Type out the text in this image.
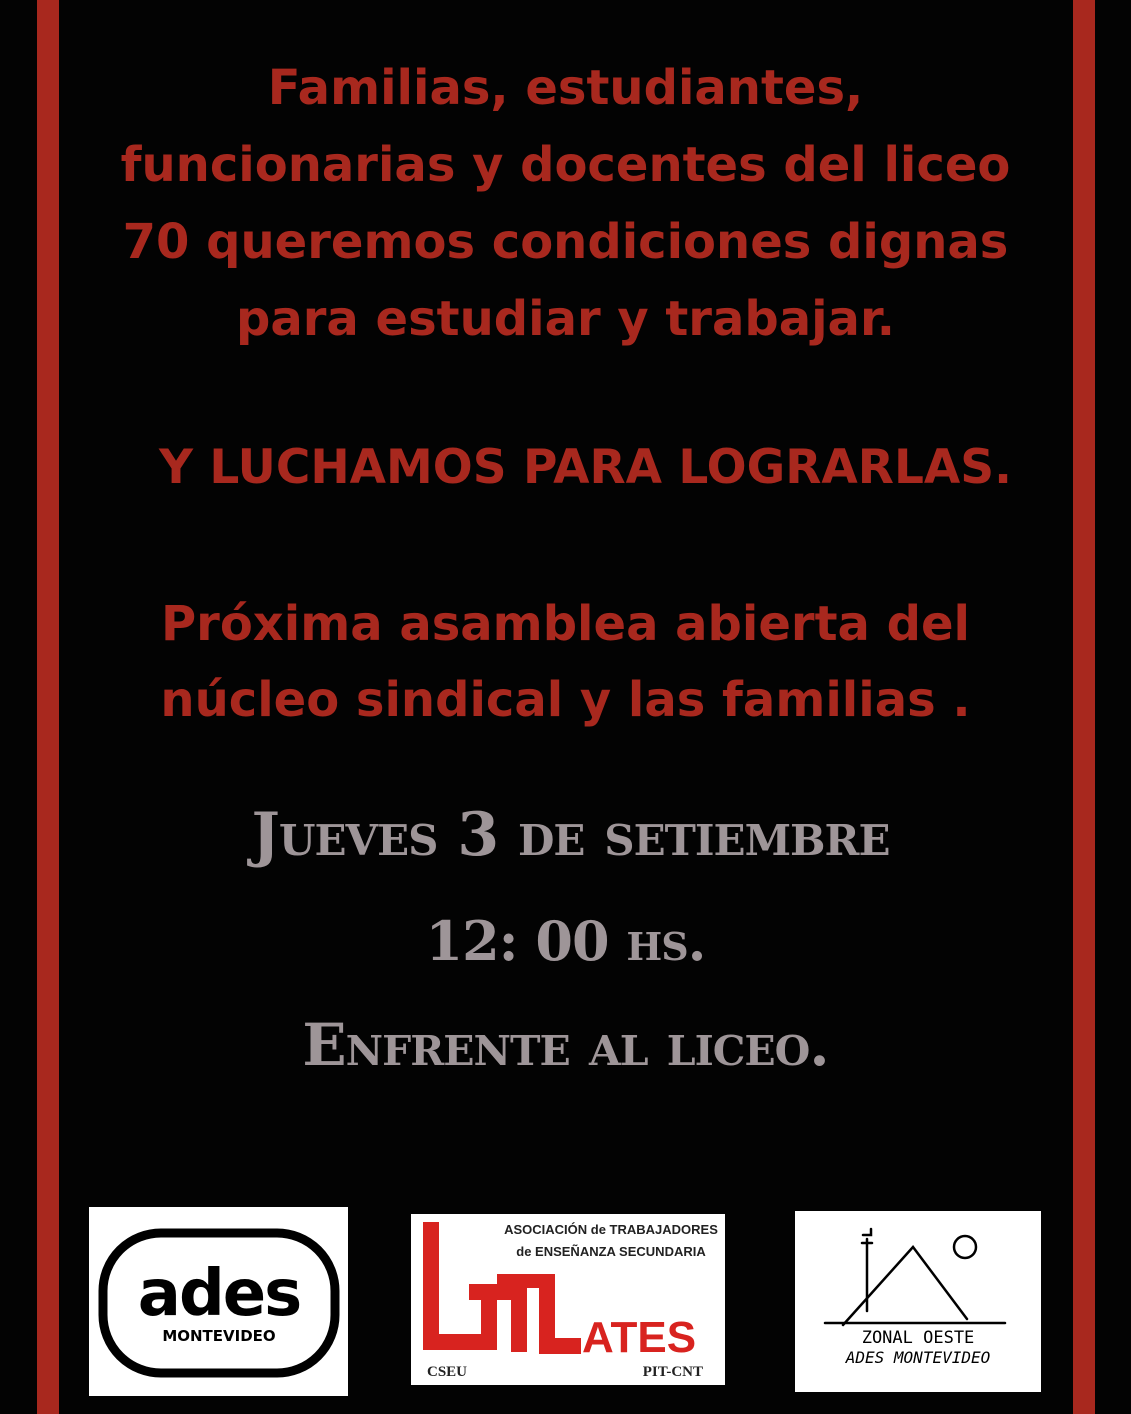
Familias, estudiantes,
funcionarias y docentes del liceo
70 queremos condiciones dignas
para estudiar y trabajar.
Y LUCHAMOS PARA LOGRARLAS.
Próxima asamblea abierta del
núcleo sindical y las familias .
Jueves 3 de setiembre
12: 00 hs.
Enfrente al liceo.
ades
MONTEVIDEO
ASOCIACIÓN de TRABAJADORES
de ENSEÑANZA SECUNDARIA
ATES
CSEU	PIT-CNT
ZONAL OESTE
ADES MONTEVIDEO
